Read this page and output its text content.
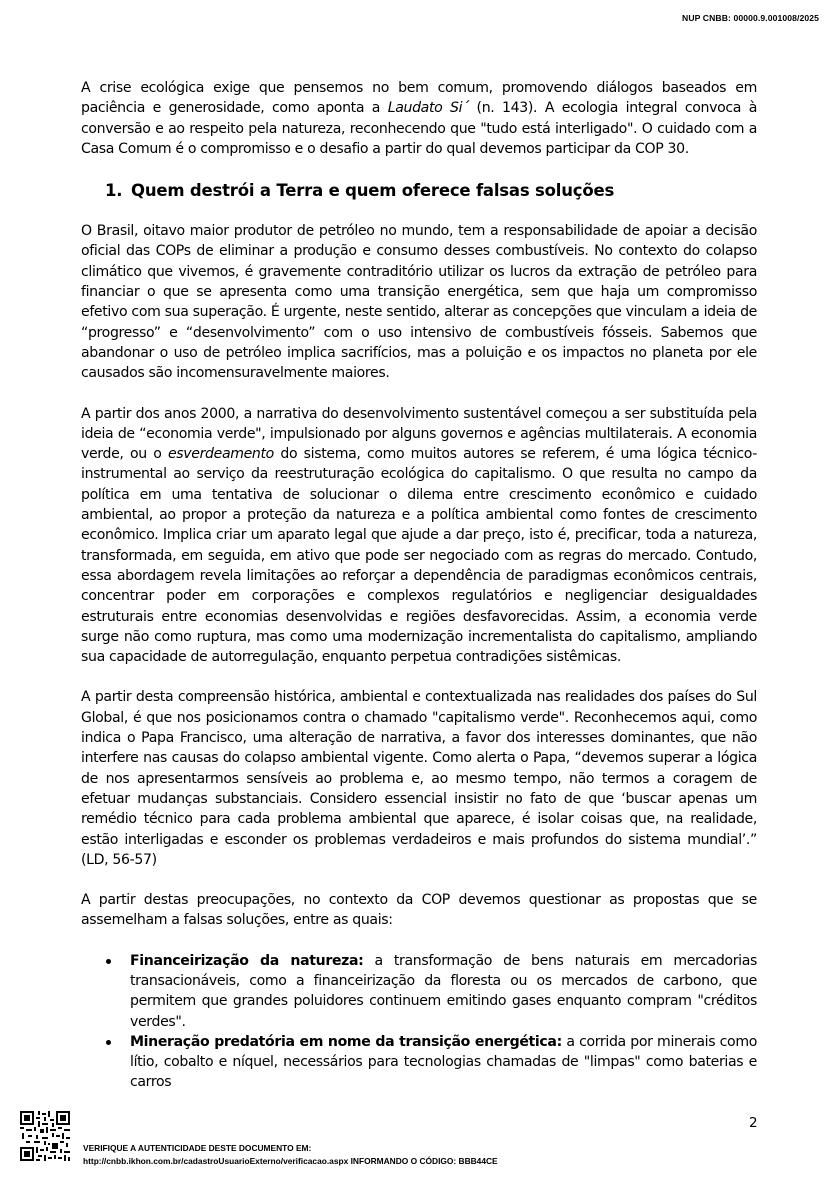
NUP CNBB: 00000.9.001008/2025

A crise ecológica exige que pensemos no bem comum, promovendo diálogos baseados em paciência e generosidade, como aponta a Laudato Si´ (n. 143). A ecologia integral convoca à conversão e ao respeito pela natureza, reconhecendo que "tudo está interligado". O cuidado com a Casa Comum é o compromisso e o desafio a partir do qual devemos participar da COP 30.

1. Quem destrói a Terra e quem oferece falsas soluções

O Brasil, oitavo maior produtor de petróleo no mundo, tem a responsabilidade de apoiar a decisão oficial das COPs de eliminar a produção e consumo desses combustíveis. No contexto do colapso climático que vivemos, é gravemente contraditório utilizar os lucros da extração de petróleo para financiar o que se apresenta como uma transição energética, sem que haja um compromisso efetivo com sua superação. É urgente, neste sentido, alterar as concepções que vinculam a ideia de “progresso” e “desenvolvimento” com o uso intensivo de combustíveis fósseis. Sabemos que abandonar o uso de petróleo implica sacrifícios, mas a poluição e os impactos no planeta por ele causados são incomensuravelmente maiores.

A partir dos anos 2000, a narrativa do desenvolvimento sustentável começou a ser substituída pela ideia de “economia verde", impulsionado por alguns governos e agências multilaterais. A economia verde, ou o esverdeamento do sistema, como muitos autores se referem, é uma lógica técnico-instrumental ao serviço da reestruturação ecológica do capitalismo. O que resulta no campo da política em uma tentativa de solucionar o dilema entre crescimento econômico e cuidado ambiental, ao propor a proteção da natureza e a política ambiental como fontes de crescimento econômico. Implica criar um aparato legal que ajude a dar preço, isto é, precificar, toda a natureza, transformada, em seguida, em ativo que pode ser negociado com as regras do mercado. Contudo, essa abordagem revela limitações ao reforçar a dependência de paradigmas econômicos centrais, concentrar poder em corporações e complexos regulatórios e negligenciar desigualdades estruturais entre economias desenvolvidas e regiões desfavorecidas. Assim, a economia verde surge não como ruptura, mas como uma modernização incrementalista do capitalismo, ampliando sua capacidade de autorregulação, enquanto perpetua contradições sistêmicas.

A partir desta compreensão histórica, ambiental e contextualizada nas realidades dos países do Sul Global, é que nos posicionamos contra o chamado "capitalismo verde". Reconhecemos aqui, como indica o Papa Francisco, uma alteração de narrativa, a favor dos interesses dominantes, que não interfere nas causas do colapso ambiental vigente. Como alerta o Papa, “devemos superar a lógica de nos apresentarmos sensíveis ao problema e, ao mesmo tempo, não termos a coragem de efetuar mudanças substanciais. Considero essencial insistir no fato de que ‘buscar apenas um remédio técnico para cada problema ambiental que aparece, é isolar coisas que, na realidade, estão interligadas e esconder os problemas verdadeiros e mais profundos do sistema mundial’.” (LD, 56-57)

A partir destas preocupações, no contexto da COP devemos questionar as propostas que se assemelham a falsas soluções, entre as quais:

Financeirização da natureza: a transformação de bens naturais em mercadorias transacionáveis, como a financeirização da floresta ou os mercados de carbono, que permitem que grandes poluidores continuem emitindo gases enquanto compram "créditos verdes".
Mineração predatória em nome da transição energética: a corrida por minerais como lítio, cobalto e níquel, necessários para tecnologias chamadas de "limpas" como baterias e carros
2
VERIFIQUE A AUTENTICIDADE DESTE DOCUMENTO EM:
http://cnbb.ikhon.com.br/cadastroUsuarioExterno/verificacao.aspx INFORMANDO O CÓDIGO: BBB44CE
